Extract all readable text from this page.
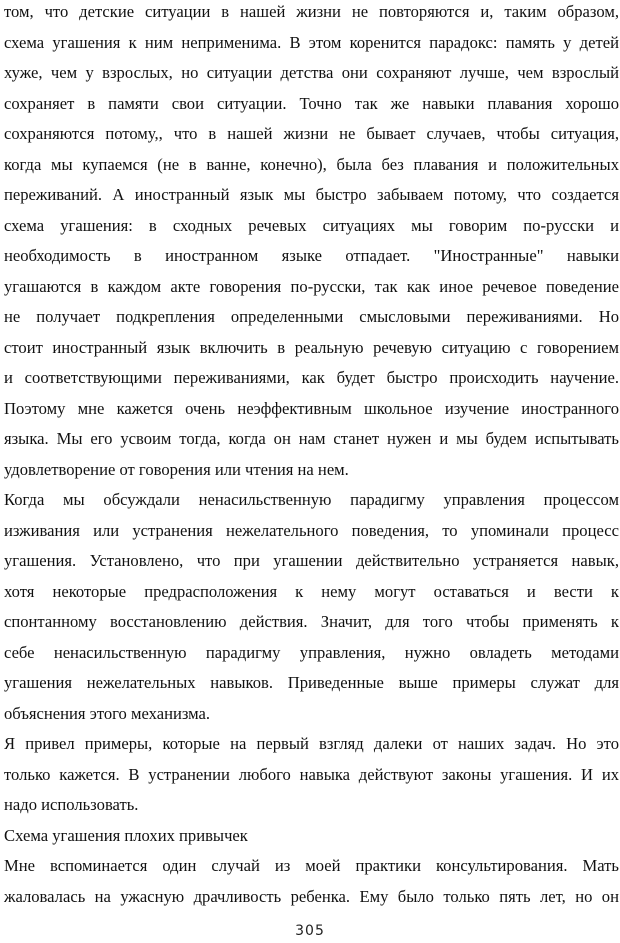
том, что детские ситуации в нашей жизни не повторяются и, таким образом,
схема угашения к ним неприменима. В этом коренится парадокс: память у детей
хуже, чем у взрослых, но ситуации детства они сохраняют лучше, чем взрослый
сохраняет в памяти свои ситуации. Точно так же навыки плавания хорошо
сохраняются потому,, что в нашей жизни не бывает случаев, чтобы ситуация,
когда мы купаемся (не в ванне, конечно), была без плавания и положительных
переживаний. А иностранный язык мы быстро забываем потому, что создается
схема угашения: в сходных речевых ситуациях мы говорим по-русски и
необходимость в иностранном языке отпадает. "Иностранные" навыки
угашаются в каждом акте говорения по-русски, так как иное речевое поведение
не получает подкрепления определенными смысловыми переживаниями. Но
стоит иностранный язык включить в реальную речевую ситуацию с говорением
и соответствующими переживаниями, как будет быстро происходить научение.
Поэтому мне кажется очень неэффективным школьное изучение иностранного
языка. Мы его усвоим тогда, когда он нам станет нужен и мы будем испытывать
удовлетворение от говорения или чтения на нем.
Когда мы обсуждали ненасильственную парадигму управления процессом
изживания или устранения нежелательного поведения, то упоминали процесс
угашения. Установлено, что при угашении действительно устраняется навык,
хотя некоторые предрасположения к нему могут оставаться и вести к
спонтанному восстановлению действия. Значит, для того чтобы применять к
себе ненасильственную парадигму управления, нужно овладеть методами
угашения нежелательных навыков. Приведенные выше примеры служат для
объяснения этого механизма.
Я привел примеры, которые на первый взгляд далеки от наших задач. Но это
только кажется. В устранении любого навыка действуют законы угашения. И их
надо использовать.
Схема угашения плохих привычек
Мне вспоминается один случай из моей практики консультирования. Мать
жаловалась на ужасную драчливость ребенка. Ему было только пять лет, но он
305
